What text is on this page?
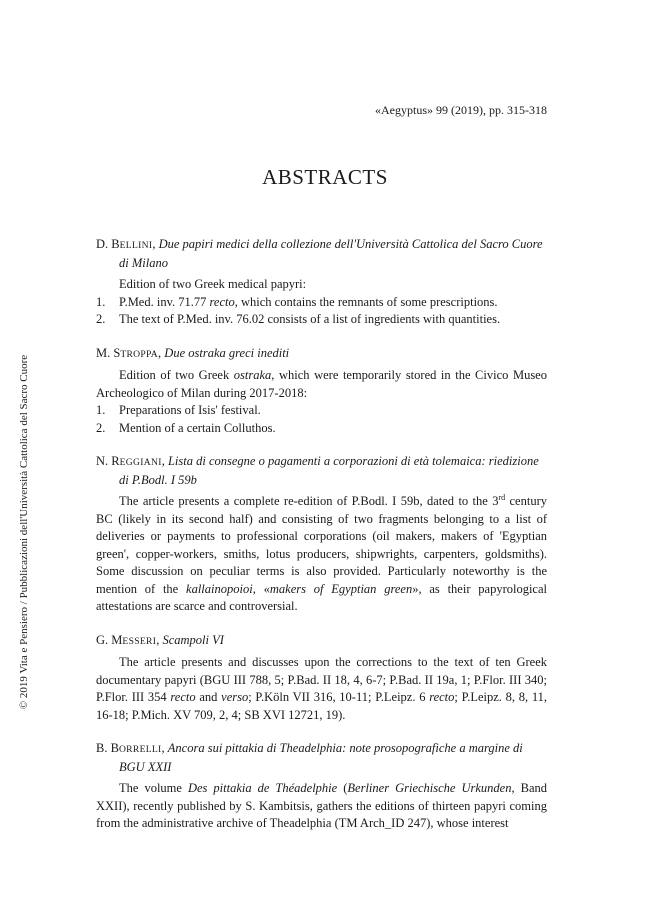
«Aegyptus» 99 (2019), pp. 315-318
ABSTRACTS
© 2019 Vita e Pensiero / Pubblicazioni dell'Università Cattolica del Sacro Cuore
D. BELLINI, Due papiri medici della collezione dell'Università Cattolica del Sacro Cuore di Milano

Edition of two Greek medical papyri:

1. P.Med. inv. 71.77 recto, which contains the remnants of some prescriptions.
2. The text of P.Med. inv. 76.02 consists of a list of ingredients with quantities.
M. STROPPA, Due ostraka greci inediti

Edition of two Greek ostraka, which were temporarily stored in the Civico Museo Archeologico of Milan during 2017-2018:

1. Preparations of Isis' festival.
2. Mention of a certain Colluthos.
N. REGGIANI, Lista di consegne o pagamenti a corporazioni di età tolemaica: riedizione di P.Bodl. I 59b

The article presents a complete re-edition of P.Bodl. I 59b, dated to the 3rd century BC (likely in its second half) and consisting of two fragments belonging to a list of deliveries or payments to professional corporations (oil makers, makers of 'Egyptian green', copper-workers, smiths, lotus producers, shipwrights, carpenters, goldsmiths). Some discussion on peculiar terms is also provided. Particularly noteworthy is the mention of the kallainopoioi, «makers of Egyptian green», as their papyrological attestations are scarce and controversial.

G. MESSERI, Scampoli VI

The article presents and discusses upon the corrections to the text of ten Greek documentary papyri (BGU III 788, 5; P.Bad. II 18, 4, 6-7; P.Bad. II 19a, 1; P.Flor. III 340; P.Flor. III 354 recto and verso; P.Köln VII 316, 10-11; P.Leipz. 6 recto; P.Leipz. 8, 8, 11, 16-18; P.Mich. XV 709, 2, 4; SB XVI 12721, 19).

B. BORRELLI, Ancora sui pittakia di Theadelphia: note prosopografiche a margine di BGU XXII

The volume Des pittakia de Théadelphie (Berliner Griechische Urkunden, Band XXII), recently published by S. Kambitsis, gathers the editions of thirteen papyri coming from the administrative archive of Theadelphia (TM Arch_ID 247), whose interest
